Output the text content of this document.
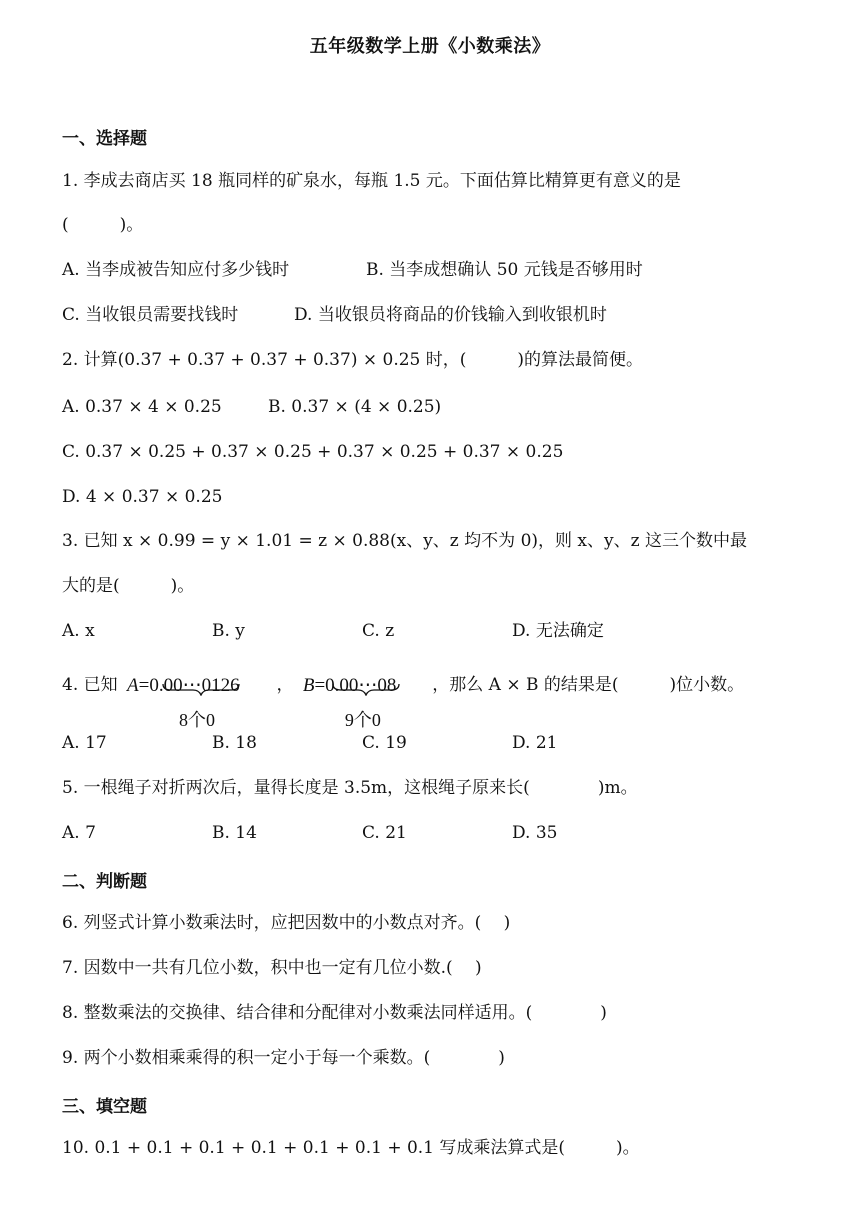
五年级数学上册《小数乘法》
一、选择题
1. 李成去商店买 18 瓶同样的矿泉水，每瓶 1.5 元。下面估算比精算更有意义的是
(　　　)。
A. 当李成被告知应付多少钱时	B. 当李成想确认 50 元钱是否够用时
C. 当收银员需要找钱时	D. 当收银员将商品的价钱输入到收银机时
2. 计算(0.37 + 0.37 + 0.37 + 0.37) × 0.25 时，(　　　)的算法最简便。
A. 0.37 × 4 × 0.25	B. 0.37 × (4 × 0.25)
C. 0.37 × 0.25 + 0.37 × 0.25 + 0.37 × 0.25 + 0.37 × 0.25
D. 4 × 0.37 × 0.25
3. 已知 x × 0.99 = y × 1.01 = z × 0.88(x、y、z 均不为 0)，则 x、y、z 这三个数中最
大的是(　　　)。
A. x	B. y	C. z	D. 无法确定
4. 已知 A=0.00⋯0126
8个0
， B=0.00⋯08
9个0
，那么 A × B 的结果是(　　　)位小数。
A. 17	B. 18	C. 19	D. 21
5. 一根绳子对折两次后，量得长度是 3.5m，这根绳子原来长(　　　　)m。
A. 7	B. 14	C. 21	D. 35
二、判断题
6. 列竖式计算小数乘法时，应把因数中的小数点对齐。(　 )
7. 因数中一共有几位小数，积中也一定有几位小数.(　 )
8. 整数乘法的交换律、结合律和分配律对小数乘法同样适用。(　　　　)
9. 两个小数相乘乘得的积一定小于每一个乘数。(　　　　)
三、填空题
10. 0.1 + 0.1 + 0.1 + 0.1 + 0.1 + 0.1 + 0.1 写成乘法算式是(　　　)。
